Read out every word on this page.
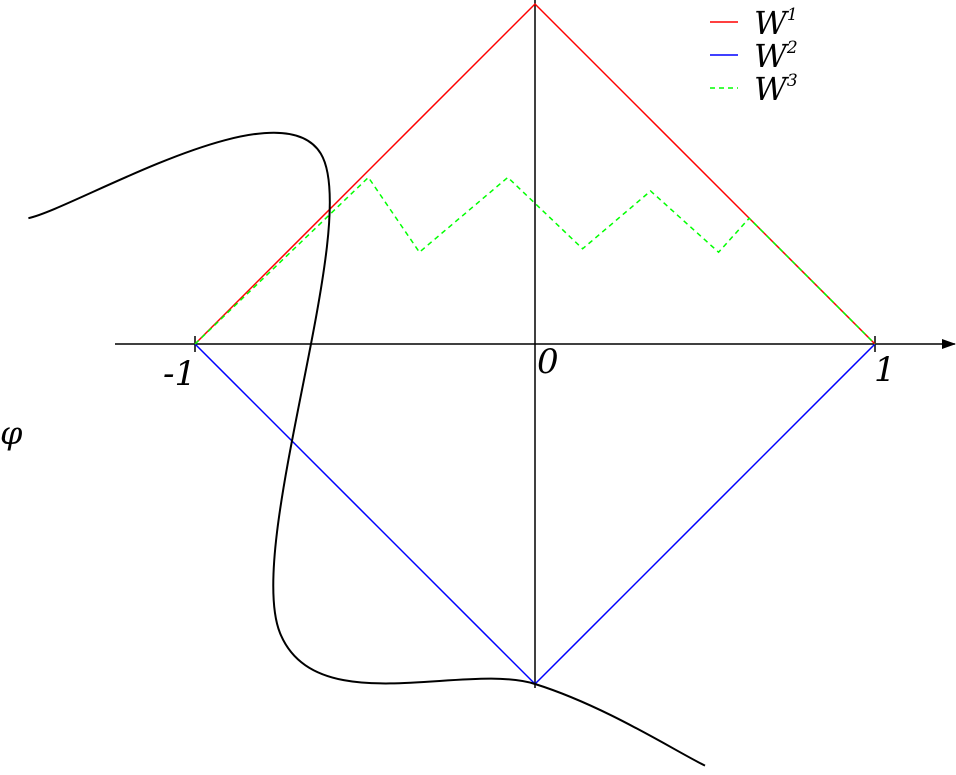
-1	0	1
φ
$W^1$
$W^2$
$W^3$
